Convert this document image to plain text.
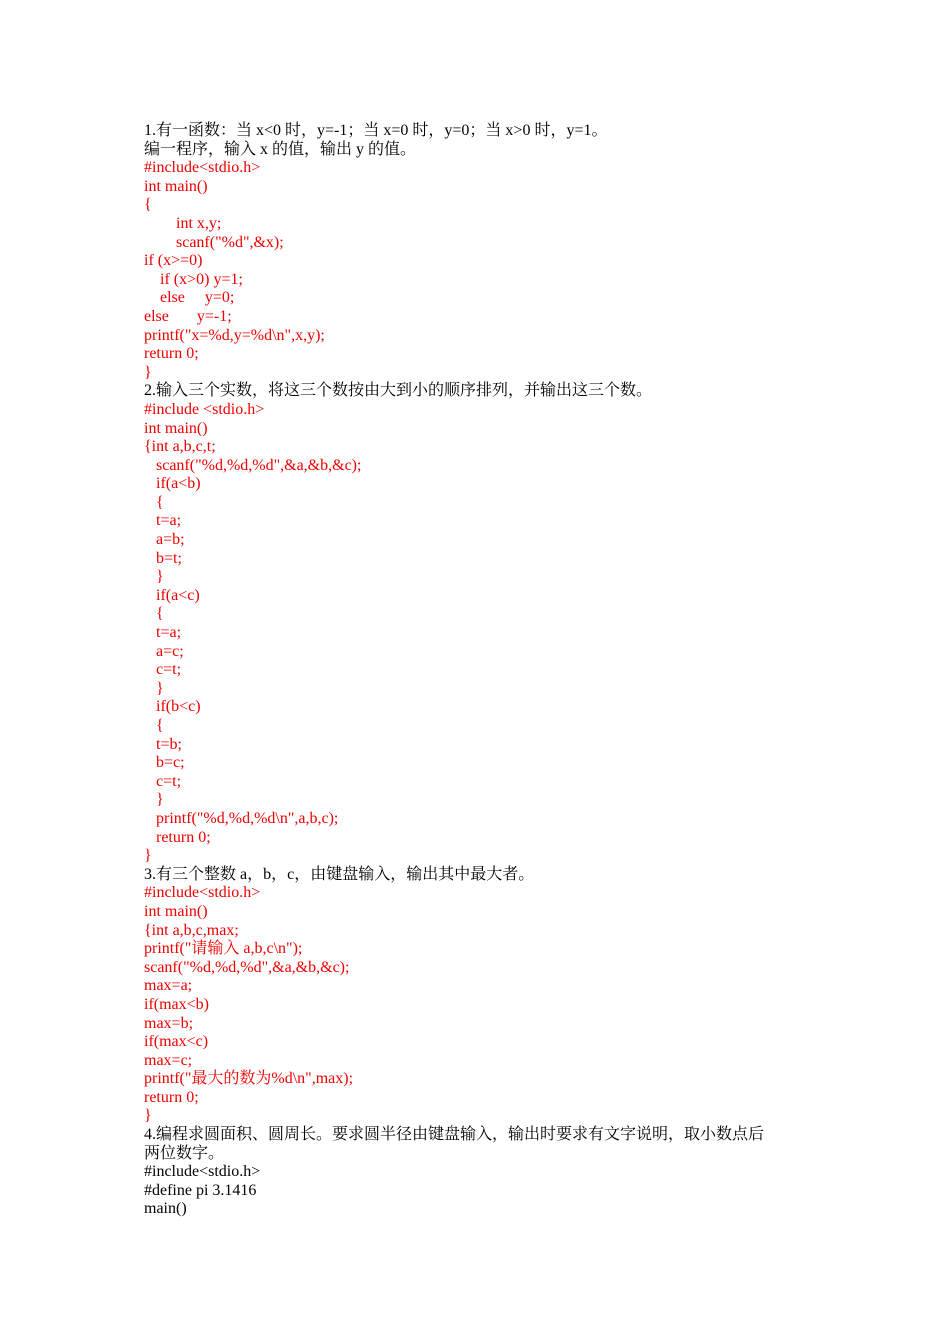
1.有一函数：当 x<0 时，y=-1；当 x=0 时，y=0；当 x>0 时，y=1。
编一程序，输入 x 的值，输出 y 的值。
#include<stdio.h>
int main()
{
int x,y;
scanf("%d",&x);
if (x>=0)
if (x>0) y=1;
else     y=0;
else       y=-1;
printf("x=%d,y=%d\n",x,y);
return 0;
}
2.输入三个实数，将这三个数按由大到小的顺序排列，并输出这三个数。
#include <stdio.h>
int main()
{int a,b,c,t;
scanf("%d,%d,%d",&a,&b,&c);
if(a<b)
{
t=a;
a=b;
b=t;
}
if(a<c)
{
t=a;
a=c;
c=t;
}
if(b<c)
{
t=b;
b=c;
c=t;
}
printf("%d,%d,%d\n",a,b,c);
return 0;
}
3.有三个整数 a，b，c，由键盘输入，输出其中最大者。
#include<stdio.h>
int main()
{int a,b,c,max;
printf("请输入 a,b,c\n");
scanf("%d,%d,%d",&a,&b,&c);
max=a;
if(max<b)
max=b;
if(max<c)
max=c;
printf("最大的数为%d\n",max);
return 0;
}
4.编程求圆面积、圆周长。要求圆半径由键盘输入，输出时要求有文字说明，取小数点后
两位数字。
#include<stdio.h>
#define pi 3.1416
main()
